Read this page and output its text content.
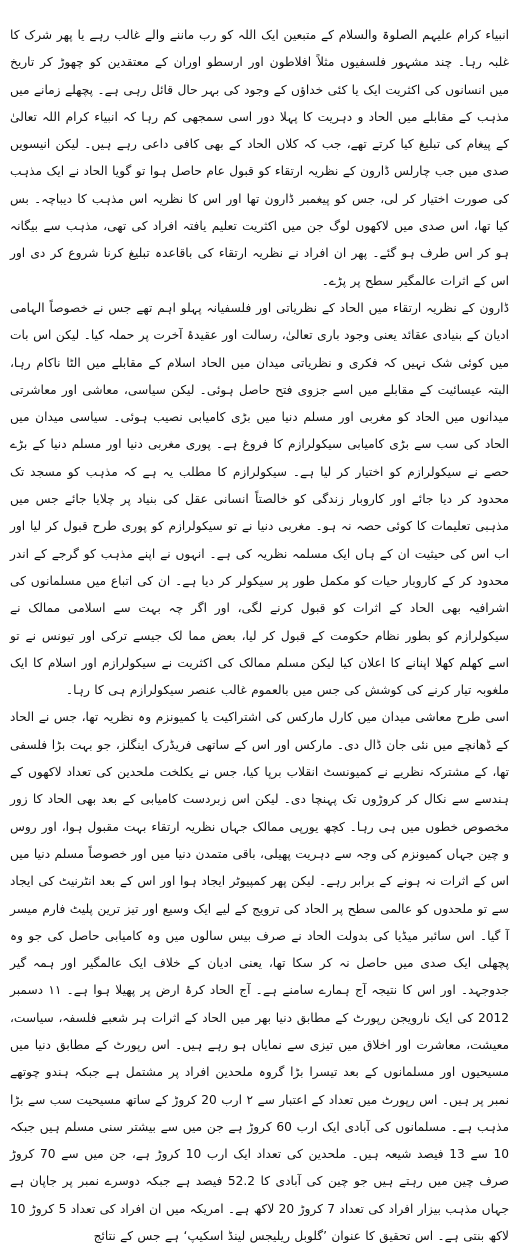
انبیاء کرام علیہم الصلوۃ والسلام کے متبعین ایک اللہ کو رب ماننے والے غالب رہے یا پھر شرک کا غلبہ رہا۔ چند مشہور فلسفیوں مثلاً افلاطون اور ارسطو اوران کے معتقدین کو چھوڑ کر تاریخ میں انسانوں کی اکثریت ایک یا کئی خداؤں کے وجود کی بہر حال قائل رہی ہے۔ پچھلے زمانے میں مذہب کے مقابلے میں الحاد و دہریت کا پہلا دور اسی سمجھی کم رہا کہ انبیاء کرام اللہ تعالیٰ کے پیغام کی تبلیغ کیا کرتے تھے، جب کہ کلاں الحاد کے بھی کافی داعی رہے ہیں۔ لیکن انیسویں صدی میں جب چارلس ڈارون کے نظریہ ارتقاء کو قبول عام حاصل ہوا تو گویا الحاد نے ایک مذہب کی صورت اختیار کر لی، جس کو پیغمبر ڈارون تھا اور اس کا نظریہ اس مذہب کا دیباچہ۔ بس کیا تھا، اس صدی میں لاکھوں لوگ جن میں اکثریت تعلیم یافتہ افراد کی تھی، مذہب سے بیگانہ ہو کر اس طرف ہو گئے۔ پھر ان افراد نے نظریہ ارتقاء کی باقاعدہ تبلیغ کرنا شروع کر دی اور اس کے اثرات عالمگیر سطح پر پڑے۔

ڈارون کے نظریہ ارتقاء میں الحاد کے نظریاتی اور فلسفیانہ پہلو اہم تھے جس نے خصوصاً الہامی ادیان کے بنیادی عقائد یعنی وجود باری تعالیٰ، رسالت اور عقیدۂ آخرت پر حملہ کیا۔ لیکن اس بات میں کوئی شک نہیں کہ فکری و نظریاتی میدان میں الحاد اسلام کے مقابلے میں الٹا ناکام رہا، البتہ عیسائیت کے مقابلے میں اسے جزوی فتح حاصل ہوئی۔ لیکن سیاسی، معاشی اور معاشرتی میدانوں میں الحاد کو مغربی اور مسلم دنیا میں بڑی کامیابی نصیب ہوئی۔ سیاسی میدان میں الحاد کی سب سے بڑی کامیابی سیکولرازم کا فروغ ہے۔ پوری مغربی دنیا اور مسلم دنیا کے بڑے حصے نے سیکولرازم کو اختیار کر لیا ہے۔ سیکولرازم کا مطلب یہ ہے کہ مذہب کو مسجد تک محدود کر دیا جائے اور کاروبار زندگی کو خالصتاً انسانی عقل کی بنیاد پر چلایا جائے جس میں مذہبی تعلیمات کا کوئی حصہ نہ ہو۔ مغربی دنیا نے تو سیکولرازم کو پوری طرح قبول کر لیا اور اب اس کی حیثیت ان کے ہاں ایک مسلمہ نظریہ کی ہے۔ انہوں نے اپنے مذہب کو گرجے کے اندر محدود کر کے کاروبار حیات کو مکمل طور پر سیکولر کر دیا ہے۔ ان کی اتباع میں مسلمانوں کی اشرافیہ بھی الحاد کے اثرات کو قبول کرنے لگی، اور اگر چہ بہت سے اسلامی ممالک نے سیکولرازم کو بطور نظام حکومت کے قبول کر لیا، بعض مما لک جیسے ترکی اور تیونس نے تو اسے کھلم کھلا اپنانے کا اعلان کیا لیکن مسلم ممالک کی اکثریت نے سیکولرازم اور اسلام کا ایک ملغوبہ تیار کرنے کی کوشش کی جس میں بالعموم غالب عنصر سیکولرازم ہی کا رہا۔

اسی طرح معاشی میدان میں کارل مارکس کی اشتراکیت یا کمیونزم وہ نظریہ تھا، جس نے الحاد کے ڈھانچے میں نئی جان ڈال دی۔ مارکس اور اس کے ساتھی فریڈرک اینگلز، جو بہت بڑا فلسفی تھا، کے مشترکہ نظریے نے کمیونسٹ انقلاب برپا کیا، جس نے یکلخت ملحدین کی تعداد لاکھوں کے ہندسے سے نکال کر کروڑوں تک پہنچا دی۔ لیکن اس زبردست کامیابی کے بعد بھی الحاد کا زور مخصوص خطوں میں ہی رہا۔ کچھ یورپی ممالک جہاں نظریہ ارتقاء بہت مقبول ہوا، اور روس و چین جہاں کمیونزم کی وجہ سے دہریت پھیلی، باقی متمدن دنیا میں اور خصوصاً مسلم دنیا میں اس کے اثرات نہ ہونے کے برابر رہے۔ لیکن پھر کمپیوٹر ایجاد ہوا اور اس کے بعد انٹرنیٹ کی ایجاد سے تو ملحدوں کو عالمی سطح پر الحاد کی ترویج کے لیے ایک وسیع اور تیز ترین پلیٹ فارم میسر آ گیا۔ اس سائبر میڈیا کی بدولت الحاد نے صرف بیس سالوں میں وہ کامیابی حاصل کی جو وہ پچھلی ایک صدی میں حاصل نہ کر سکا تھا، یعنی ادیان کے خلاف ایک عالمگیر اور ہمہ گیر جدوجہد۔ اور اس کا نتیجہ آج ہمارے سامنے ہے۔ آج الحاد کرۂ ارض پر پھیلا ہوا ہے۔ ۱۱ دسمبر 2012 کی ایک نارویجن رپورٹ کے مطابق دنیا بھر میں الحاد کے اثرات ہر شعبے فلسفہ، سیاست، معیشت، معاشرت اور اخلاق میں تیزی سے نمایاں ہو رہے ہیں۔ اس رپورٹ کے مطابق دنیا میں مسیحیوں اور مسلمانوں کے بعد تیسرا بڑا گروہ ملحدین افراد پر مشتمل ہے جبکہ ہندو چوتھے نمبر پر ہیں۔ اس رپورٹ میں تعداد کے اعتبار سے ۲ ارب 20 کروڑ کے ساتھ مسیحیت سب سے بڑا مذہب ہے۔ مسلمانوں کی آبادی ایک ارب 60 کروڑ ہے جن میں سے بیشتر سنی مسلم ہیں جبکہ 10 سے 13 فیصد شیعہ ہیں۔ ملحدین کی تعداد ایک ارب 10 کروڑ ہے، جن میں سے 70 کروڑ صرف چین میں رہتے ہیں جو چین کی آبادی کا 52.2 فیصد ہے جبکہ دوسرے نمبر پر جاپان ہے جہاں مذہب بیزار افراد کی تعداد 7 کروڑ 20 لاکھ ہے۔ امریکہ میں ان افراد کی تعداد 5 کروڑ 10 لاکھ بنتی ہے۔ اس تحقیق کا عنوان ’گلوبل ریلیجس لینڈ اسکیپ‘ ہے جس کے نتائج
